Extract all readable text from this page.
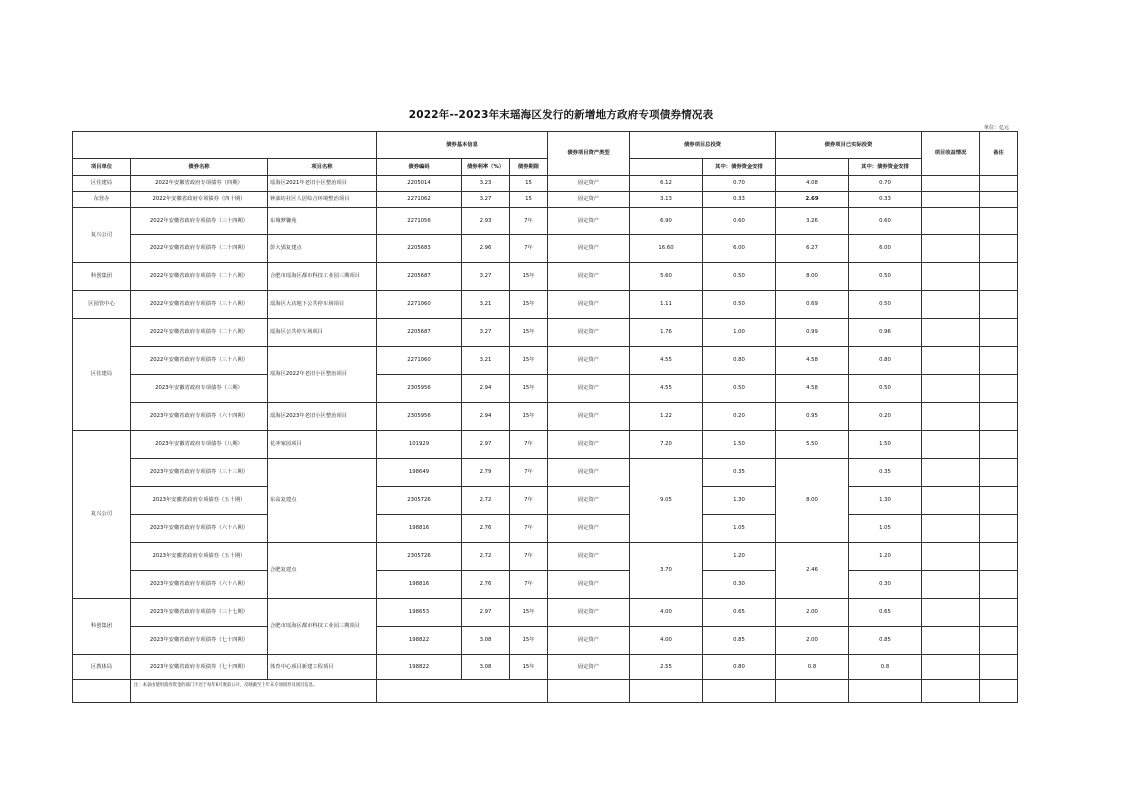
2022年--2023年末瑶海区发行的新增地方政府专项债券情况表
单位：亿元
			债券基本信息			债券项目资产类型	债券项目总投资		债券项目已实际投资		项目收益情况	备注
项目单位	债券名称	项目名称	债券编码	债券利率（%）	债券期限			其中：债券资金安排		其中：债券资金安排		
区住建局	2022年安徽省政府专项债券（四期）	瑶海区2021年老旧小区整治项目	2205014	3.23	15	固定资产	6.12	0.70	4.08	0.70		
东营办	2022年安徽省政府专项债券（四十期）	钟油坊社区人居综合环境整治项目	2271062	3.27	15	固定资产	3.13	0.33	2.69	0.33		
复兴公司	2022年安徽省政府专项债券（三十四期）	东城梦馨苑	2271056	2.93	7年	固定资产	6.90	0.60	3.26	0.60		
	2022年安徽省政府专项债券（二十四期）	彭大郢复建点	2205683	2.96	7年	固定资产	16.60	6.00	6.27	6.00		
科创集团	2022年安徽省政府专项债券（二十八期）	合肥市瑶海区都市科技工业园三期项目	2205687	3.27	15年	固定资产	5.60	0.50	8.00	0.50		
区园管中心	2022年安徽省政府专项债券（三十八期）	瑶海区大店地下公共停车场项目	2271060	3.21	15年	固定资产	1.11	0.50	0.69	0.50		
区住建局	2022年安徽省政府专项债券（二十八期）	瑶海区公共停车场项目	2205687	3.27	15年	固定资产	1.76	1.00	0.99	0.96		
	2022年安徽省政府专项债券（三十八期）	瑶海区2022年老旧小区整治项目	2271060	3.21	15年	固定资产	4.55	0.80	4.58	0.80		
	2023年安徽省政府专项债券（三期）		2305956	2.94	15年	固定资产	4.55	0.50	4.58	0.50		
	2023年安徽省政府专项债券（六十四期）	瑶海区2023年老旧小区整治项目	2305956	2.94	15年	固定资产	1.22	0.20	0.95	0.20		
复兴公司	2023年安徽省政府专项债券（八期）	花冲家园项目	101929	2.97	7年	固定资产	7.20	1.50	5.50	1.50		
	2023年安徽省政府专项债券（三十三期）	东高复建点	198649	2.79	7年	固定资产	9.05	0.35	8.00	0.35		
	2023年安徽省政府专项债券（五十期）		2305726	2.72	7年	固定资产		1.30		1.30		
	2023年安徽省政府专项债券（六十八期）		198816	2.76	7年	固定资产		1.05		1.05		
	2023年安徽省政府专项债券（五十期）	合肥复建点	2305726	2.72	7年	固定资产	3.70	1.20	2.46	1.20		
	2023年安徽省政府专项债券（六十八期）		198816	2.76	7年	固定资产		0.30		0.30		
科创集团	2023年安徽省政府专项债券（三十七期）	合肥市瑶海区都市科技工业园三期项目	198653	2.97	15年	固定资产	4.00	0.65	2.00	0.65		
	2023年安徽省政府专项债券（七十四期）		198822	3.08	15年	固定资产	4.00	0.85	2.00	0.85		
区教体局	2023年安徽省政府专项债券（七十四期）	体育中心项目新建工程项目	198822	3.08	15年	固定资产	2.55	0.80	0.8	0.8		
	注：本表由使用债券资金的部门不迟于每年6月底前公开，反映截至上年末专项债券及项目信息。											
